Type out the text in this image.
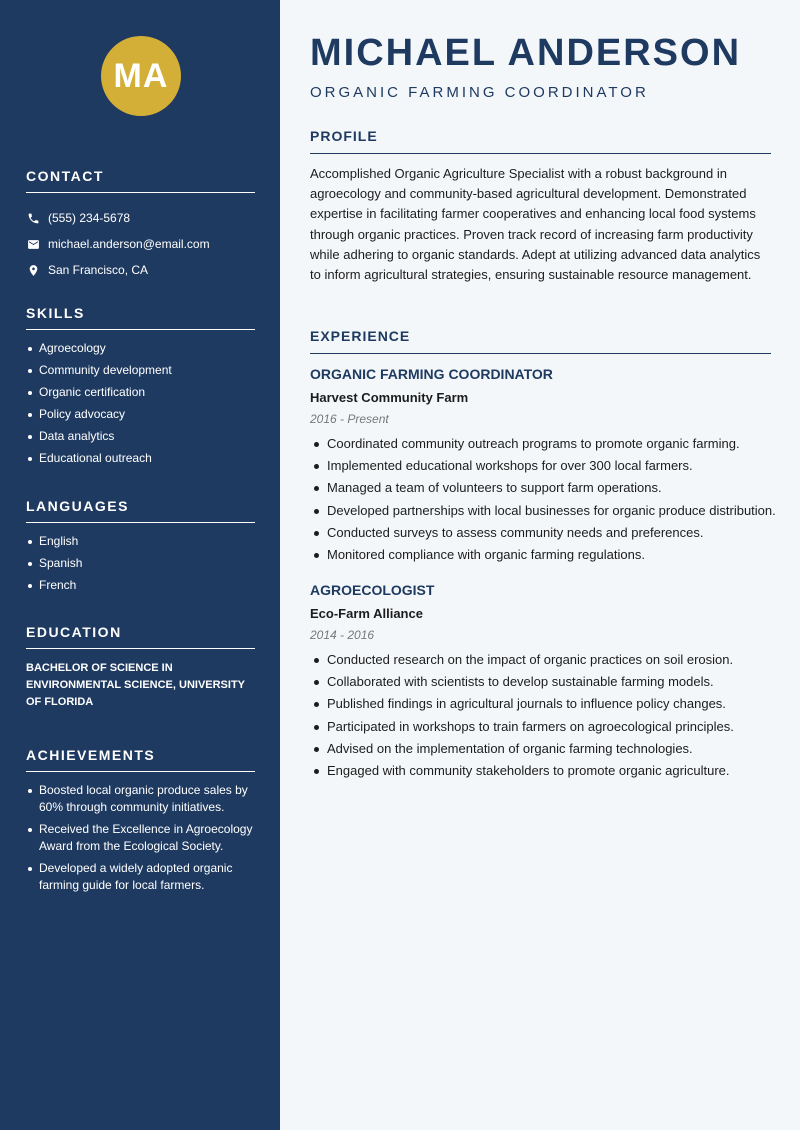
MA
CONTACT
(555) 234-5678
michael.anderson@email.com
San Francisco, CA
SKILLS
Agroecology
Community development
Organic certification
Policy advocacy
Data analytics
Educational outreach
LANGUAGES
English
Spanish
French
EDUCATION

BACHELOR OF SCIENCE IN ENVIRONMENTAL SCIENCE, UNIVERSITY OF FLORIDA

ACHIEVEMENTS
Boosted local organic produce sales by 60% through community initiatives.
Received the Excellence in Agroecology Award from the Ecological Society.
Developed a widely adopted organic farming guide for local farmers.
MICHAEL ANDERSON
ORGANIC FARMING COORDINATOR
PROFILE

Accomplished Organic Agriculture Specialist with a robust background in agroecology and community-based agricultural development. Demonstrated expertise in facilitating farmer cooperatives and enhancing local food systems through organic practices. Proven track record of increasing farm productivity while adhering to organic standards. Adept at utilizing advanced data analytics to inform agricultural strategies, ensuring sustainable resource management.

EXPERIENCE
ORGANIC FARMING COORDINATOR
Harvest Community Farm
2016 - Present
Coordinated community outreach programs to promote organic farming.
Implemented educational workshops for over 300 local farmers.
Managed a team of volunteers to support farm operations.
Developed partnerships with local businesses for organic produce distribution.
Conducted surveys to assess community needs and preferences.
Monitored compliance with organic farming regulations.
AGROECOLOGIST
Eco-Farm Alliance
2014 - 2016
Conducted research on the impact of organic practices on soil erosion.
Collaborated with scientists to develop sustainable farming models.
Published findings in agricultural journals to influence policy changes.
Participated in workshops to train farmers on agroecological principles.
Advised on the implementation of organic farming technologies.
Engaged with community stakeholders to promote organic agriculture.
